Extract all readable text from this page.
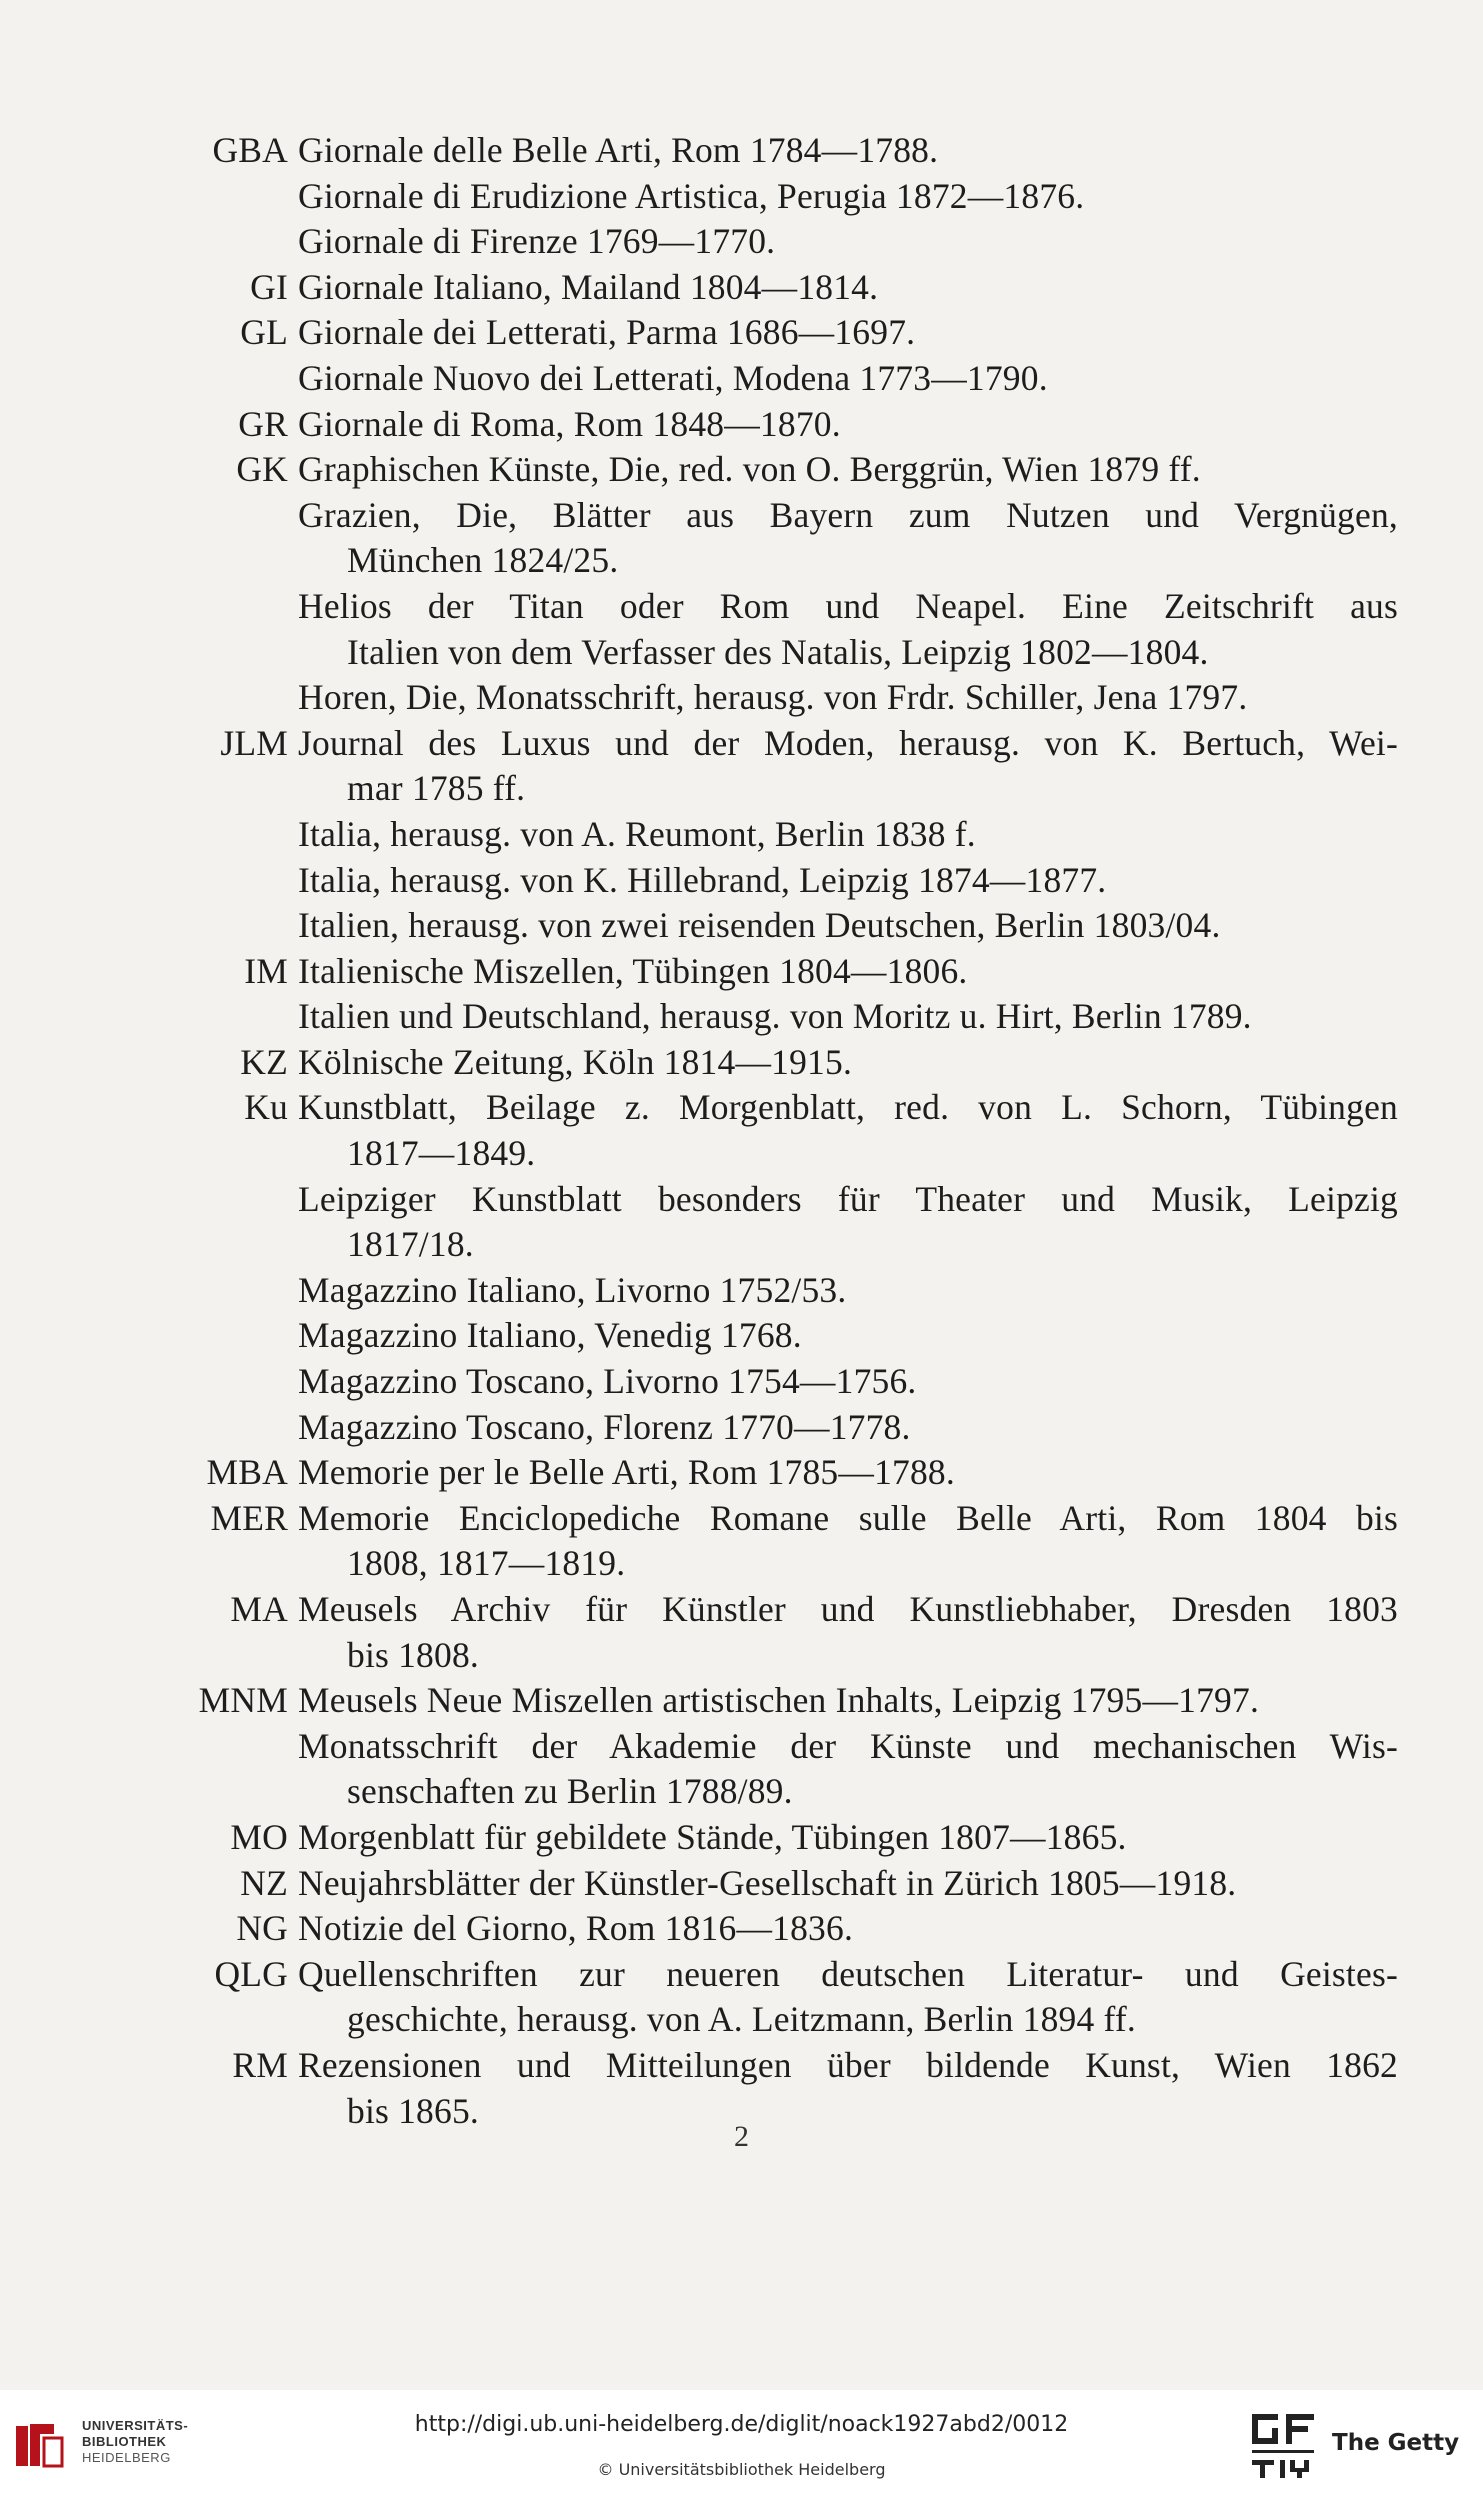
GBA Giornale delle Belle Arti, Rom 1784—1788.
Giornale di Erudizione Artistica, Perugia 1872—1876.
Giornale di Firenze 1769—1770.
GI Giornale Italiano, Mailand 1804—1814.
GL Giornale dei Letterati, Parma 1686—1697.
Giornale Nuovo dei Letterati, Modena 1773—1790.
GR Giornale di Roma, Rom 1848—1870.
GK Graphischen Künste, Die, red. von O. Berggrün, Wien 1879 ff.
Grazien, Die, Blätter aus Bayern zum Nutzen und Vergnügen,
München 1824/25.
Helios der Titan oder Rom und Neapel. Eine Zeitschrift aus
Italien von dem Verfasser des Natalis, Leipzig 1802—1804.
Horen, Die, Monatsschrift, herausg. von Frdr. Schiller, Jena 1797.
JLM Journal des Luxus und der Moden, herausg. von K. Bertuch, Wei-
mar 1785 ff.
Italia, herausg. von A. Reumont, Berlin 1838 f.
Italia, herausg. von K. Hillebrand, Leipzig 1874—1877.
Italien, herausg. von zwei reisenden Deutschen, Berlin 1803/04.
IM Italienische Miszellen, Tübingen 1804—1806.
Italien und Deutschland, herausg. von Moritz u. Hirt, Berlin 1789.
KZ Kölnische Zeitung, Köln 1814—1915.
Ku Kunstblatt, Beilage z. Morgenblatt, red. von L. Schorn, Tübingen
1817—1849.
Leipziger Kunstblatt besonders für Theater und Musik, Leipzig
1817/18.
Magazzino Italiano, Livorno 1752/53.
Magazzino Italiano, Venedig 1768.
Magazzino Toscano, Livorno 1754—1756.
Magazzino Toscano, Florenz 1770—1778.
MBA Memorie per le Belle Arti, Rom 1785—1788.
MER Memorie Enciclopediche Romane sulle Belle Arti, Rom 1804 bis
1808, 1817—1819.
MA Meusels Archiv für Künstler und Kunstliebhaber, Dresden 1803
bis 1808.
MNM Meusels Neue Miszellen artistischen Inhalts, Leipzig 1795—1797.
Monatsschrift der Akademie der Künste und mechanischen Wis-
senschaften zu Berlin 1788/89.
MO Morgenblatt für gebildete Stände, Tübingen 1807—1865.
NZ Neujahrsblätter der Künstler-Gesellschaft in Zürich 1805—1918.
NG Notizie del Giorno, Rom 1816—1836.
QLG Quellenschriften zur neueren deutschen Literatur- und Geistes-
geschichte, herausg. von A. Leitzmann, Berlin 1894 ff.
RM Rezensionen und Mitteilungen über bildende Kunst, Wien 1862
bis 1865.
2
UNIVERSITÄTS-
BIBLIOTHEK
HEIDELBERG
http://digi.ub.uni-heidelberg.de/diglit/noack1927abd2/0012
© Universitätsbibliothek Heidelberg
The Getty
